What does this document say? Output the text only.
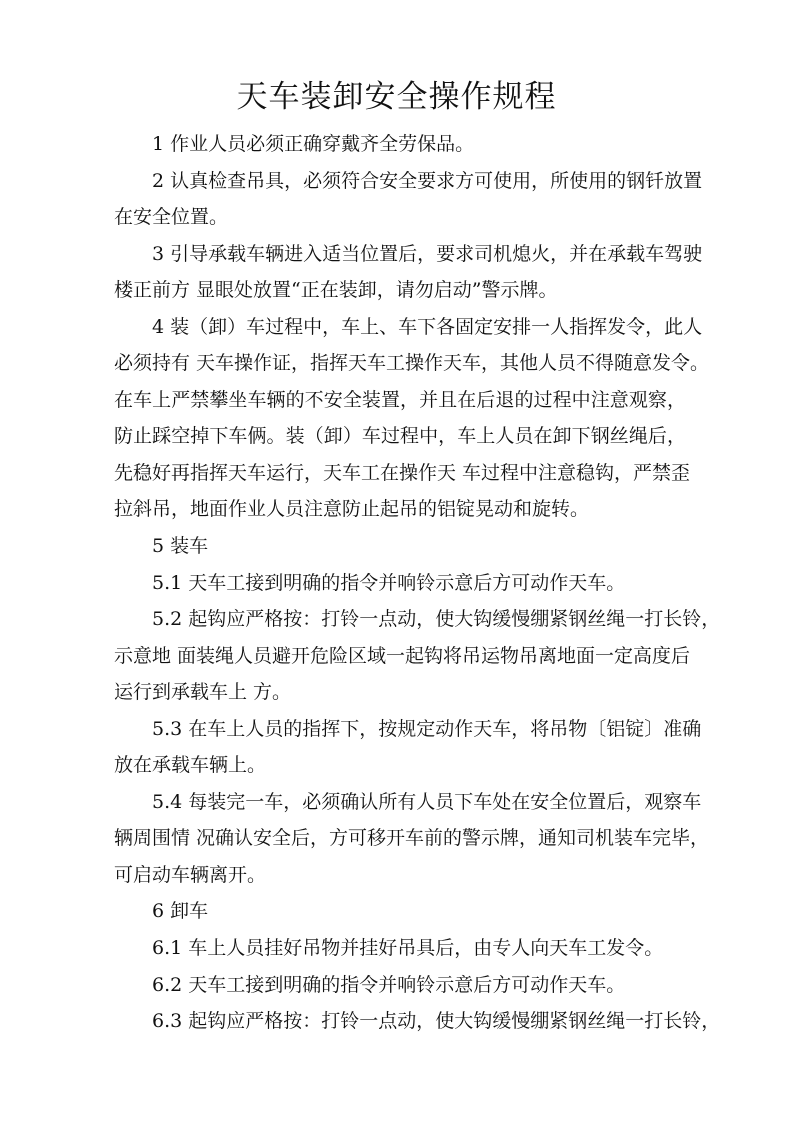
天车装卸安全操作规程
1 作业人员必须正确穿戴齐全劳保品。
2 认真检查吊具，必须符合安全要求方可使用，所使用的钢钎放置
在安全位置。
3 引导承载车辆进入适当位置后，要求司机熄火，并在承载车驾驶
楼正前方 显眼处放置“正在装卸，请勿启动”警示牌。
4 装（卸）车过程中，车上、车下各固定安排一人指挥发令，此人
必须持有 天车操作证，指挥天车工操作天车，其他人员不得随意发令。
在车上严禁攀坐车辆的不安全装置，并且在后退的过程中注意观察，
防止踩空掉下车俩。装（卸）车过程中，车上人员在卸下钢丝绳后，
先稳好再指挥天车运行，天车工在操作天 车过程中注意稳钩，严禁歪
拉斜吊，地面作业人员注意防止起吊的铝锭晃动和旋转。
5 装车
5.1 天车工接到明确的指令并响铃示意后方可动作天车。
5.2 起钩应严格按：打铃一点动，使大钩缓慢绷紧钢丝绳一打长铃，
示意地 面装绳人员避开危险区域一起钩将吊运物吊离地面一定高度后
运行到承载车上 方。
5.3 在车上人员的指挥下，按规定动作天车，将吊物〔铝锭〕准确
放在承载车辆上。
5.4 每装完一车，必须确认所有人员下车处在安全位置后，观察车
辆周围情 况确认安全后，方可移开车前的警示牌，通知司机装车完毕，
可启动车辆离开。
6 卸车
6.1 车上人员挂好吊物并挂好吊具后，由专人向天车工发令。
6.2 天车工接到明确的指令并响铃示意后方可动作天车。
6.3 起钩应严格按：打铃一点动，使大钩缓慢绷紧钢丝绳一打长铃，
